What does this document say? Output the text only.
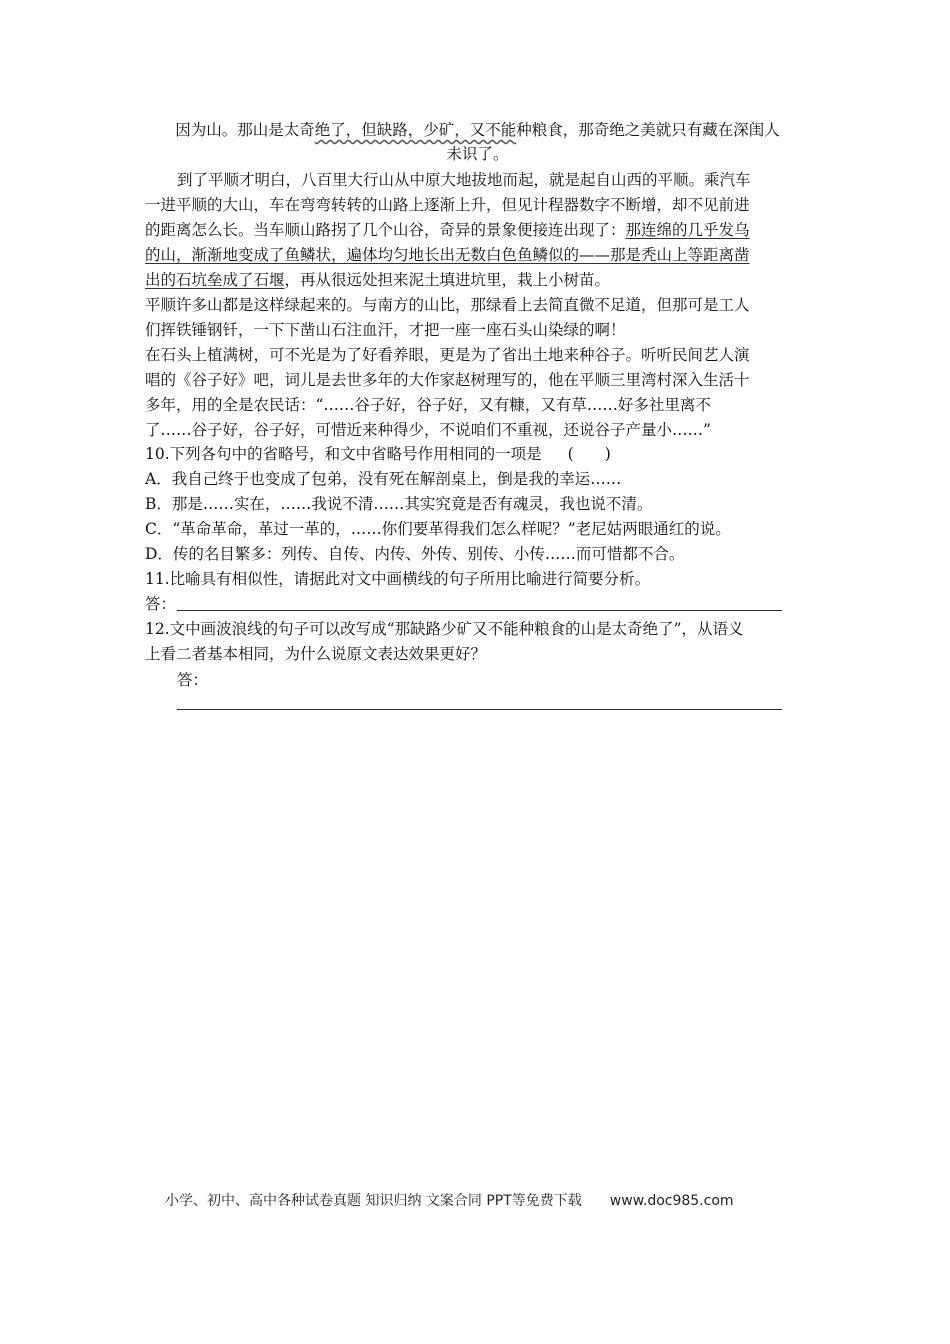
因为山。那山是太奇绝了，但缺路，少矿，又不能种粮食，那奇绝之美就只有藏在深闺人
未识了。
到了平顺才明白，八百里大行山从中原大地拔地而起，就是起自山西的平顺。乘汽车
一进平顺的大山，车在弯弯转转的山路上逐渐上升，但见计程器数字不断增，却不见前进
的距离怎么长。当车顺山路拐了几个山谷，奇异的景象便接连出现了：那连绵的几乎发乌
的山，渐渐地变成了鱼鳞状，遍体均匀地长出无数白色鱼鳞似的——那是秃山上等距离凿
出的石坑垒成了石堰，再从很远处担来泥土填进坑里，栽上小树苗。
平顺许多山都是这样绿起来的。与南方的山比，那绿看上去简直微不足道，但那可是工人
们挥铁锤钢钎，一下下凿山石注血汗，才把一座一座石头山染绿的啊！
在石头上植满树，可不光是为了好看养眼，更是为了省出土地来种谷子。听听民间艺人演
唱的《谷子好》吧，词儿是去世多年的大作家赵树理写的，他在平顺三里湾村深入生活十
多年，用的全是农民话：“……谷子好，谷子好，又有糠，又有草……好多社里离不
了……谷子好，谷子好，可惜近来种得少，不说咱们不重视，还说谷子产量小……”
10.下列各句中的省略号，和文中省略号作用相同的一项是 (　　)
A．我自己终于也变成了包弟，没有死在解剖桌上，倒是我的幸运……
B．那是……实在，……我说不清……其实究竟是否有魂灵，我也说不清。
C．“革命革命，革过一革的，……你们要革得我们怎么样呢？”老尼姑两眼通红的说。
D．传的名目繁多：列传、自传、内传、外传、别传、小传……而可惜都不合。
11.比喻具有相似性，请据此对文中画横线的句子所用比喻进行简要分析。
答：
12.文中画波浪线的句子可以改写成“那缺路少矿又不能种粮食的山是太奇绝了”，从语义
上看二者基本相同，为什么说原文表达效果更好？
答：
小学、初中、高中各种试卷真题 知识归纳 文案合同 PPT等免费下载 www.doc985.com
